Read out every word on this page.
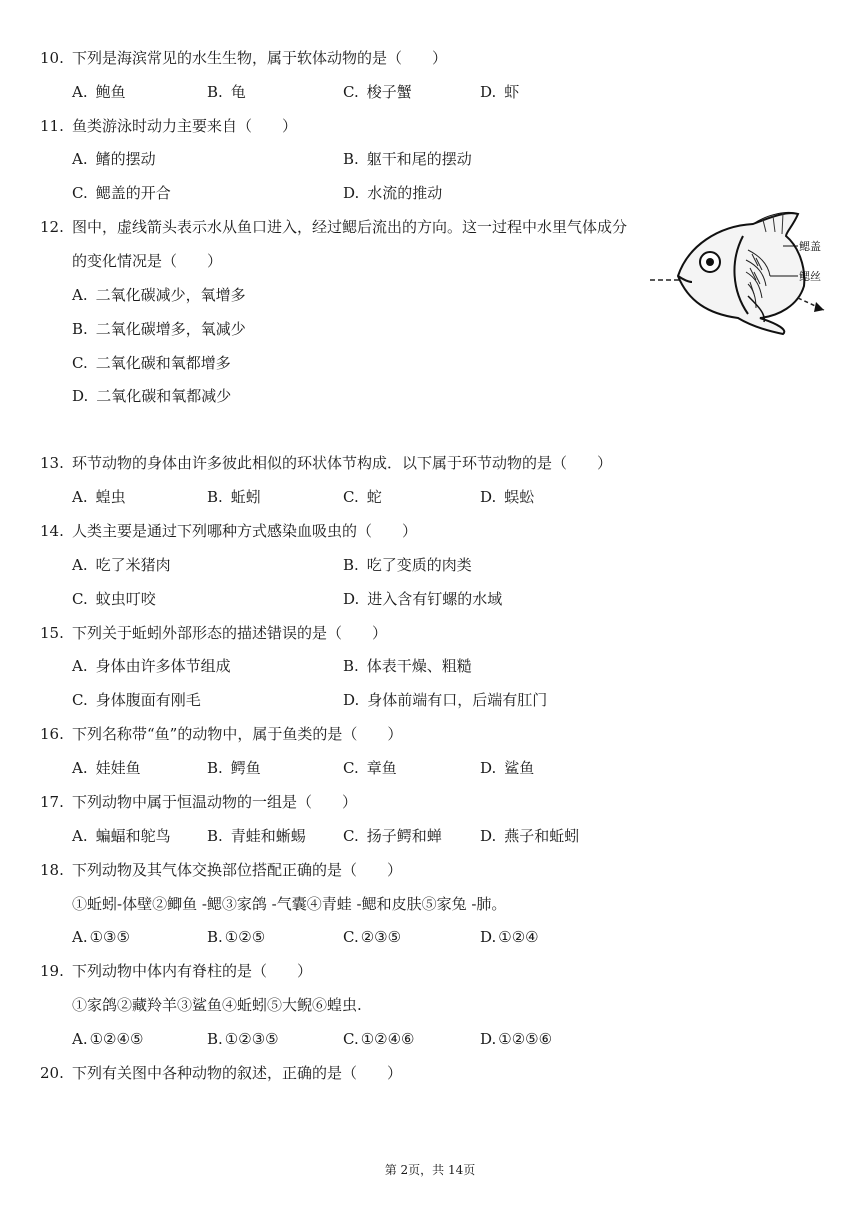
10. 下列是海滨常见的水生生物，属于软体动物的是（　　）
A. 鲍鱼	B. 龟	C. 梭子蟹	D. 虾
11. 鱼类游泳时动力主要来自（　　）
A. 鳍的摆动	B. 躯干和尾的摆动
C. 鳃盖的开合	D. 水流的推动
12. 图中，虚线箭头表示水从鱼口进入，经过鳃后流出的方向。这一过程中水里气体成分
的变化情况是（　　）
A. 二氧化碳减少，氧增多
B. 二氧化碳增多，氧减少
C. 二氧化碳和氧都增多
D. 二氧化碳和氧都减少
鳃盖
鳃丝
13. 环节动物的身体由许多彼此相似的环状体节构成．以下属于环节动物的是（　　）
A. 蝗虫	B. 蚯蚓	C. 蛇	D. 蜈蚣
14. 人类主要是通过下列哪种方式感染血吸虫的（　　）
A. 吃了米猪肉	B. 吃了变质的肉类
C. 蚊虫叮咬	D. 进入含有钉螺的水域
15. 下列关于蚯蚓外部形态的描述错误的是（　　）
A. 身体由许多体节组成	B. 体表干燥、粗糙
C. 身体腹面有刚毛	D. 身体前端有口，后端有肛门
16. 下列名称带“鱼”的动物中，属于鱼类的是（　　）
A. 娃娃鱼	B. 鳄鱼	C. 章鱼	D. 鲨鱼
17. 下列动物中属于恒温动物的一组是（　　）
A. 蝙蝠和鸵鸟 B. 青蛙和蜥蜴 C. 扬子鳄和蝉	D. 燕子和蚯蚓
18. 下列动物及其气体交换部位搭配正确的是（　　）
①蚯蚓-体壁②鲫鱼 -鳃③家鸽 -气囊④青蛙 -鳃和皮肤⑤家兔 -肺。
A. ①③⑤	B. ①②⑤	C. ②③⑤	D. ①②④
19. 下列动物中体内有脊柱的是（　　）
①家鸽②藏羚羊③鲨鱼④蚯蚓⑤大鲵⑥蝗虫.
A. ①②④⑤	B. ①②③⑤	C. ①②④⑥	D. ①②⑤⑥
20. 下列有关图中各种动物的叙述，正确的是（　　）
第 2页，共 14页
